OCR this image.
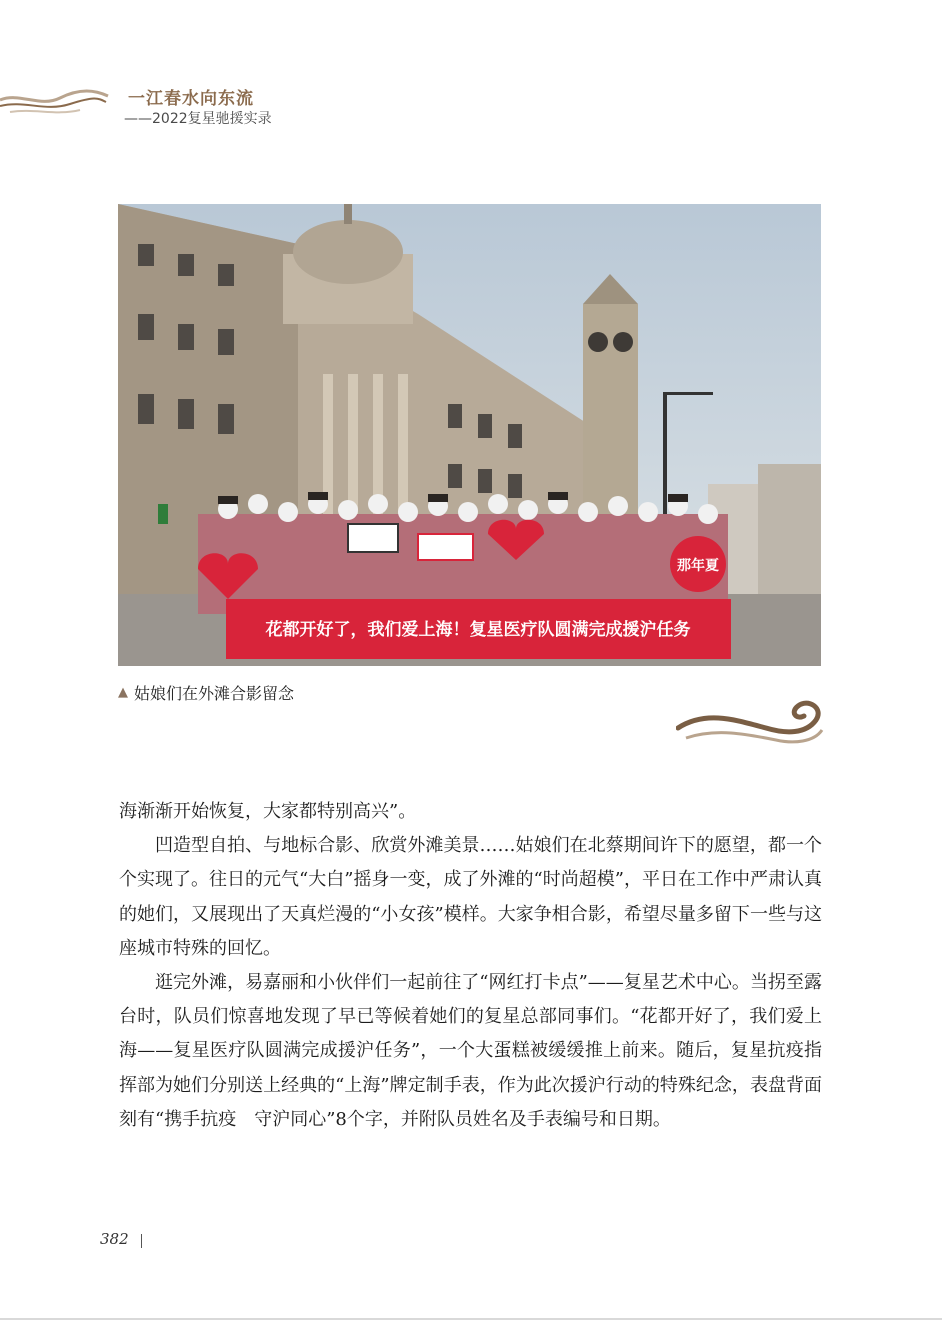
一江春水向东流
——2022复星驰援实录
那年夏
花都开好了，我们爱上海！复星医疗队圆满完成援沪任务
▲ 姑娘们在外滩合影留念

海渐渐开始恢复，大家都特别高兴”。

凹造型自拍、与地标合影、欣赏外滩美景……姑娘们在北蔡期间许下的愿望，都一个个实现了。往日的元气“大白”摇身一变，成了外滩的“时尚超模”，平日在工作中严肃认真的她们，又展现出了天真烂漫的“小女孩”模样。大家争相合影，希望尽量多留下一些与这座城市特殊的回忆。

逛完外滩，易嘉丽和小伙伴们一起前往了“网红打卡点”——复星艺术中心。当拐至露台时，队员们惊喜地发现了早已等候着她们的复星总部同事们。“花都开好了，我们爱上海——复星医疗队圆满完成援沪任务”，一个大蛋糕被缓缓推上前来。随后，复星抗疫指挥部为她们分别送上经典的“上海”牌定制手表，作为此次援沪行动的特殊纪念，表盘背面刻有“携手抗疫　守沪同心”8个字，并附队员姓名及手表编号和日期。

382
